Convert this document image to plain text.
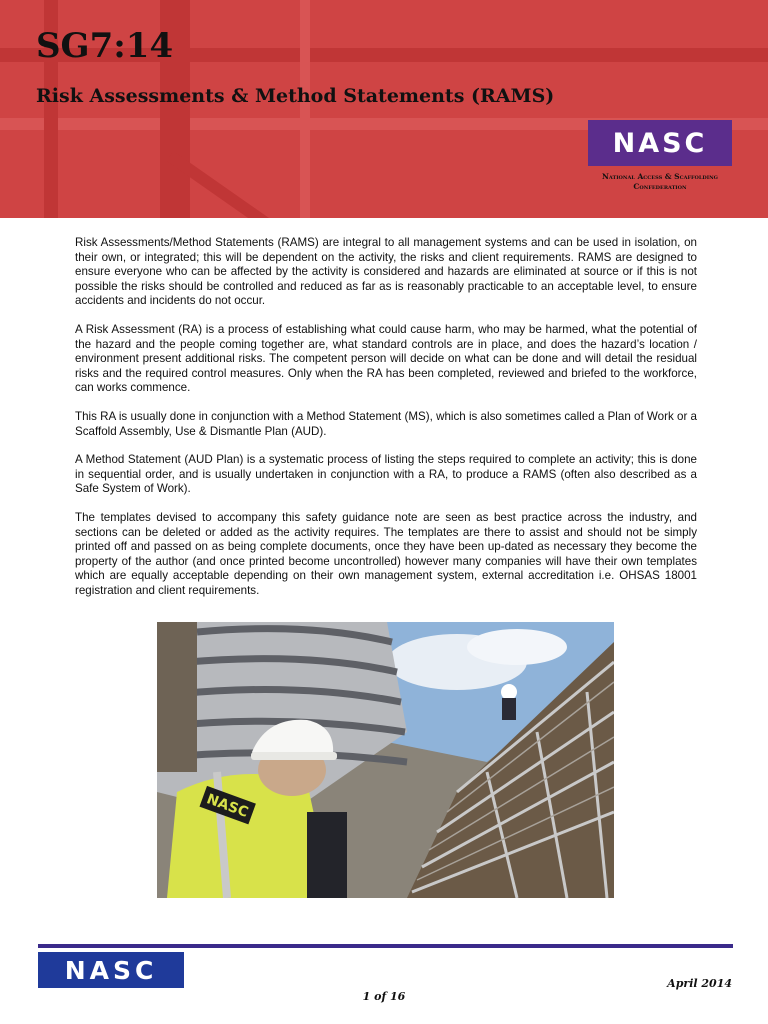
SG7:14
Risk Assessments & Method Statements (RAMS)
NASC
National Access & Scaffolding Confederation

Risk Assessments/Method Statements (RAMS) are integral to all management systems and can be used in isolation, on their own, or integrated; this will be dependent on the activity, the risks and client requirements. RAMS are designed to ensure everyone who can be affected by the activity is considered and hazards are eliminated at source or if this is not possible the risks should be controlled and reduced as far as is reasonably practicable to an acceptable level, to ensure accidents and incidents do not occur.

A Risk Assessment (RA) is a process of establishing what could cause harm, who may be harmed, what the potential of the hazard and the people coming together are, what standard controls are in place, and does the hazard’s location / environment present additional risks. The competent person will decide on what can be done and will detail the residual risks and the required control measures. Only when the RA has been completed, reviewed and briefed to the workforce, can works commence.

This RA is usually done in conjunction with a Method Statement (MS), which is also sometimes called a Plan of Work or a Scaffold Assembly, Use & Dismantle Plan (AUD).

A Method Statement (AUD Plan) is a systematic process of listing the steps required to complete an activity; this is done in sequential order, and is usually undertaken in conjunction with a RA, to produce a RAMS (often also described as a Safe System of Work).

The templates devised to accompany this safety guidance note are seen as best practice across the industry, and sections can be deleted or added as the activity requires. The templates are there to assist and should not be simply printed off and passed on as being complete documents, once they have been up-dated as necessary they become the property of the author (and once printed become uncontrolled) however many companies will have their own templates which are equally acceptable depending on their own management system, external accreditation i.e. OHSAS 18001 registration and client requirements.

NASC
NASC	April 2014
1 of 16
